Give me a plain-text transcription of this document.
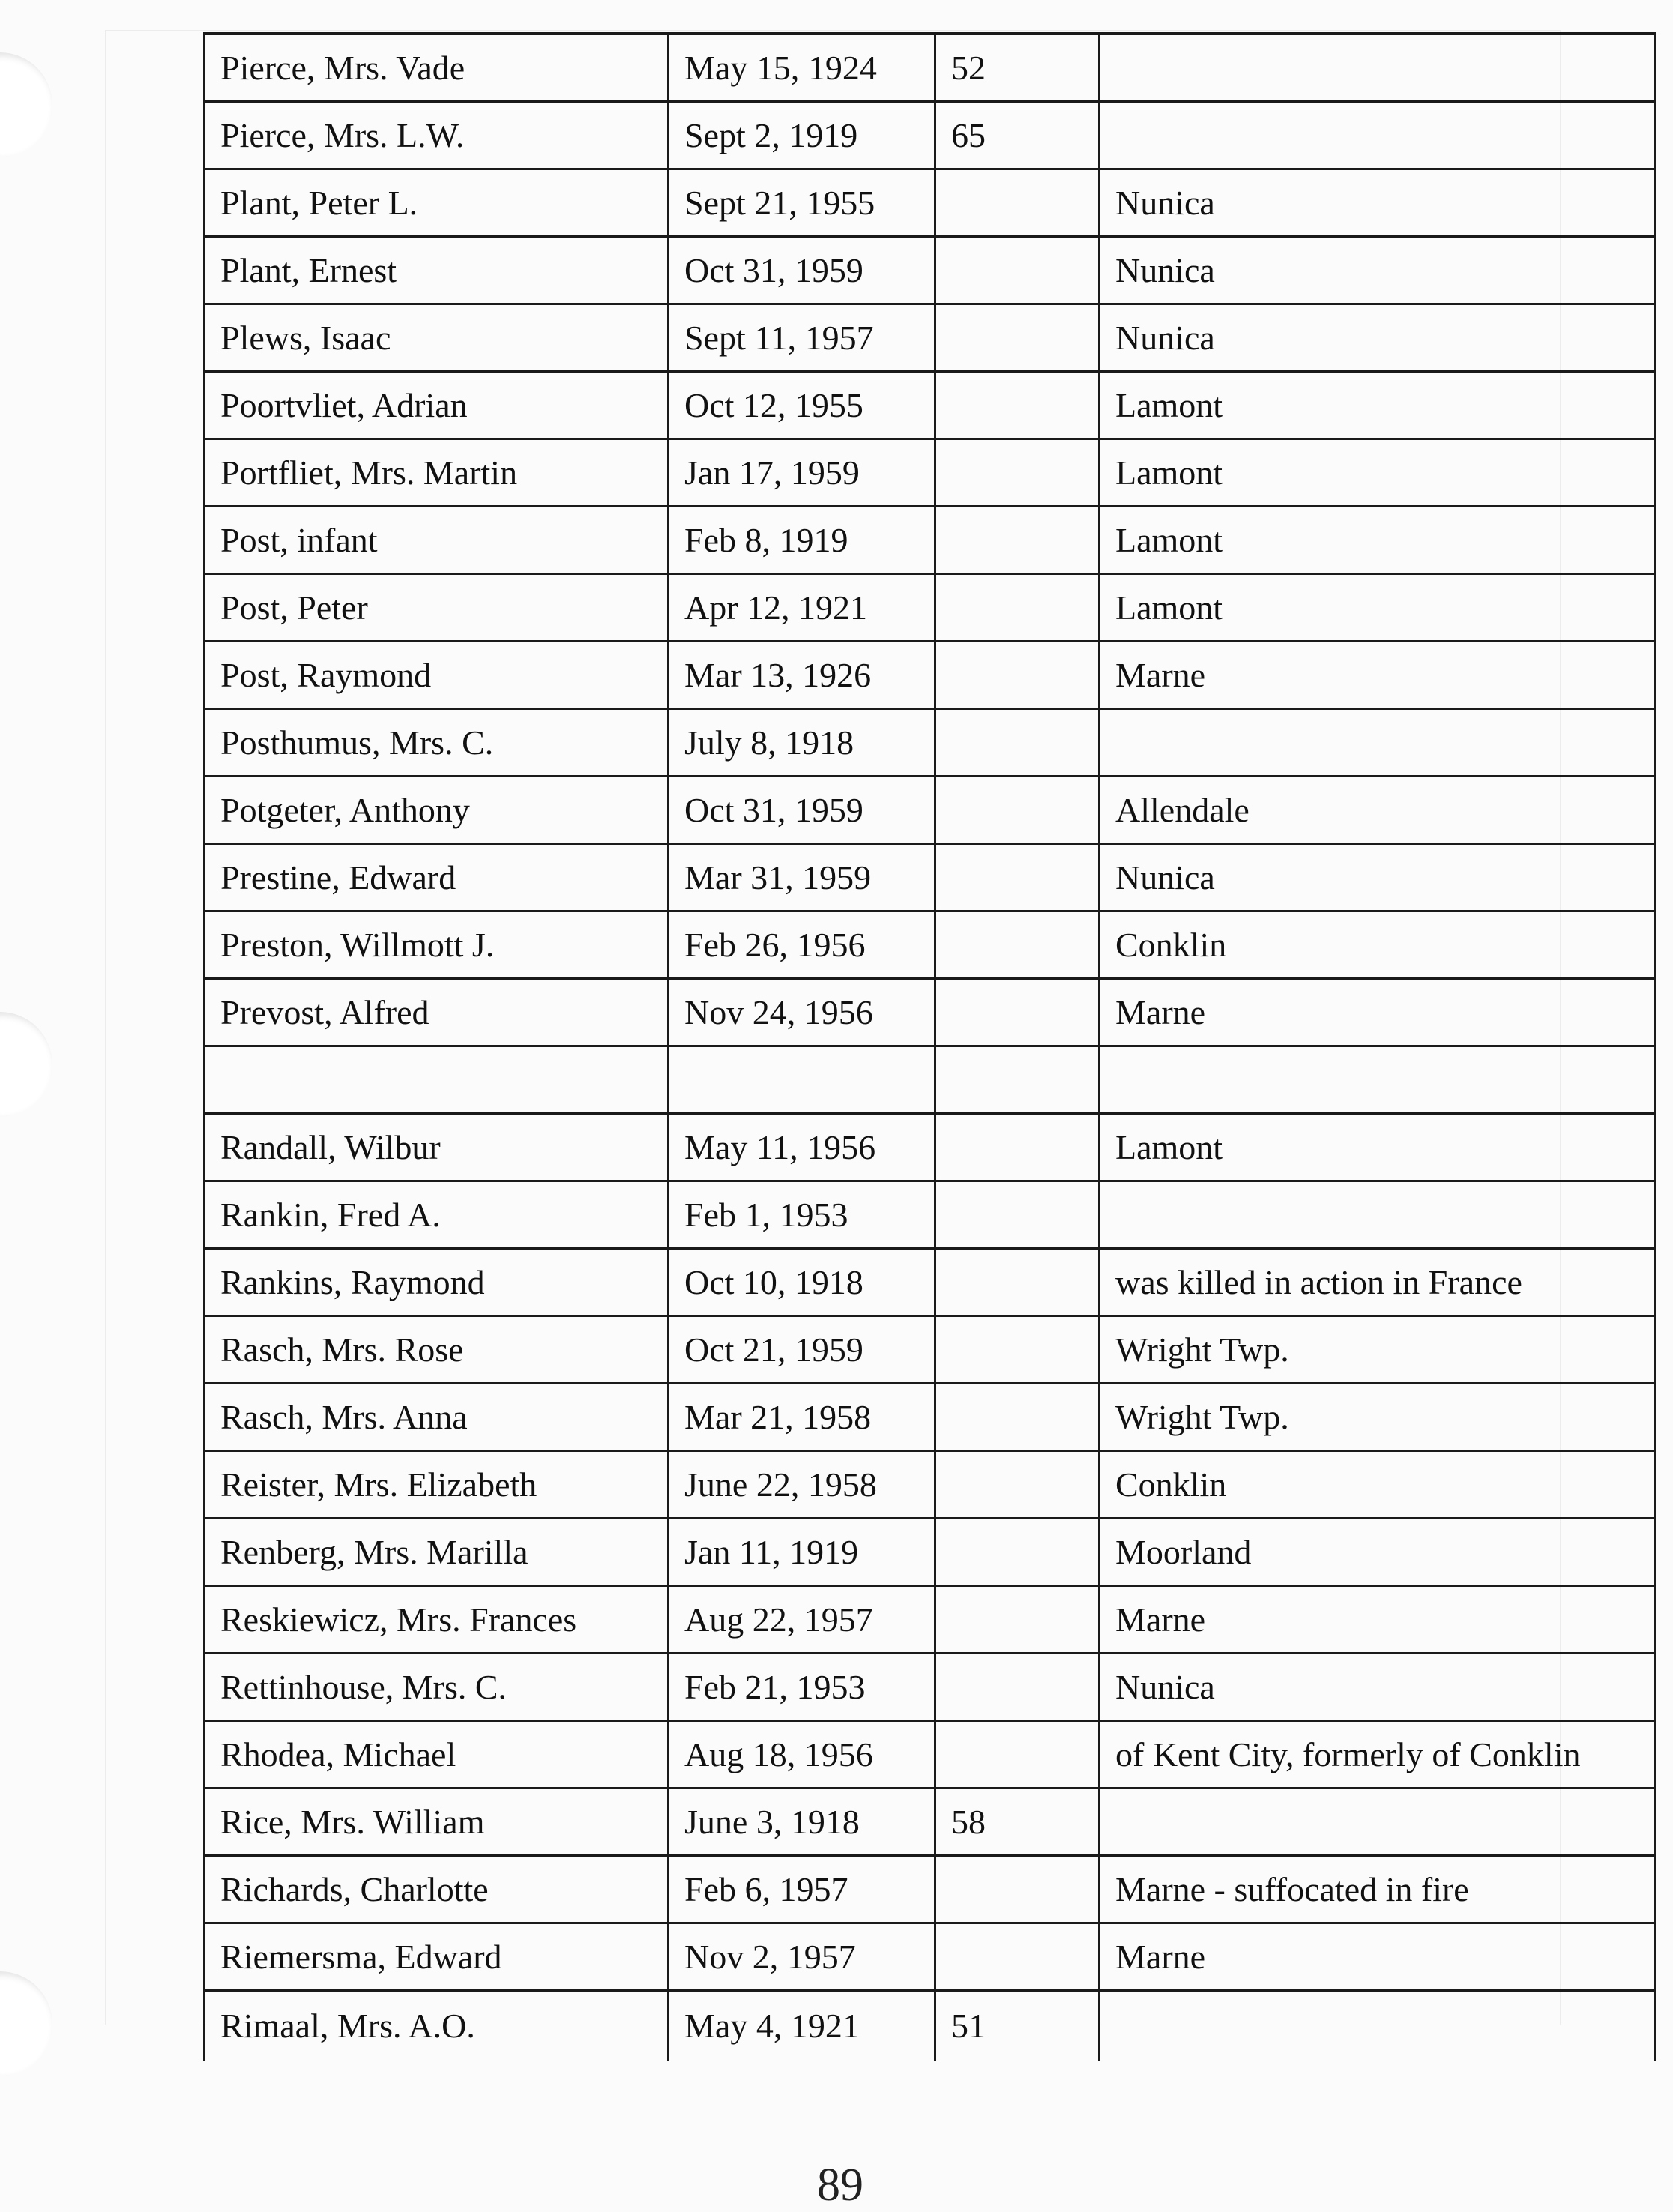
Pierce, Mrs. Vade	May 15, 1924	52	
Pierce, Mrs. L.W.	Sept 2, 1919	65	
Plant, Peter L.	Sept 21, 1955		Nunica
Plant, Ernest	Oct 31, 1959		Nunica
Plews, Isaac	Sept 11, 1957		Nunica
Poortvliet, Adrian	Oct 12, 1955		Lamont
Portfliet, Mrs. Martin	Jan 17, 1959		Lamont
Post, infant	Feb 8, 1919		Lamont
Post, Peter	Apr 12, 1921		Lamont
Post, Raymond	Mar 13, 1926		Marne
Posthumus, Mrs. C.	July 8, 1918		
Potgeter, Anthony	Oct 31, 1959		Allendale
Prestine, Edward	Mar 31, 1959		Nunica
Preston, Willmott J.	Feb 26, 1956		Conklin
Prevost, Alfred	Nov 24, 1956		Marne

Randall, Wilbur	May 11, 1956		Lamont
Rankin, Fred A.	Feb 1, 1953		
Rankins, Raymond	Oct 10, 1918		was killed in action in France
Rasch, Mrs. Rose	Oct 21, 1959		Wright Twp.
Rasch, Mrs. Anna	Mar 21, 1958		Wright Twp.
Reister, Mrs. Elizabeth	June 22, 1958		Conklin
Renberg, Mrs. Marilla	Jan 11, 1919		Moorland
Reskiewicz, Mrs. Frances	Aug 22, 1957		Marne
Rettinhouse, Mrs. C.	Feb 21, 1953		Nunica
Rhodea, Michael	Aug 18, 1956		of Kent City, formerly of Conklin
Rice, Mrs. William	June 3, 1918	58	
Richards, Charlotte	Feb 6, 1957		Marne - suffocated in fire
Riemersma, Edward	Nov 2, 1957		Marne
Rimaal, Mrs. A.O.	May 4, 1921	51	
89
